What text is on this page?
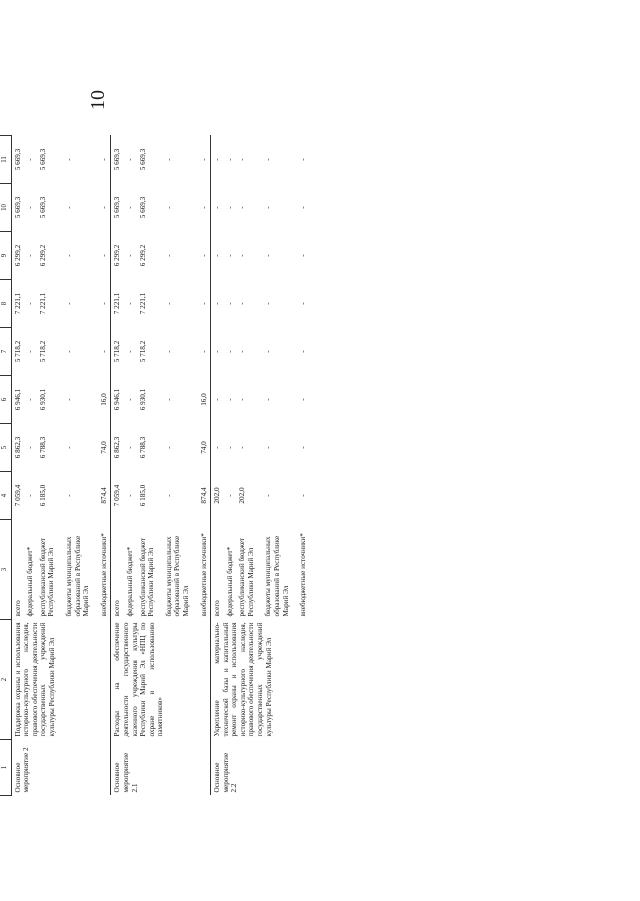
10
1	2	3	4	5	6	7	8	9	10	11
Основное мероприятие 2	Поддержка охраны и использования историко-культурного наследия, правового обеспечения деятельности государственных учреждений культуры Республики Марий Эл	всего	7 059,4	6 862,3	6 946,1	5 718,2	7 221,1	6 299,2	5 669,3	5 669,3
		федеральный бюджет*	-	-	-	-	-	-	-	-
		республиканский бюджет Республики Марий Эл	6 185,0	6 788,3	6 930,1	5 718,2	7 221,1	6 299,2	5 669,3	5 669,3
		бюджеты муниципальных образований в Республике Марий Эл	-	-	-	-	-	-	-	-
		внебюджетные источники*	874,4	74,0	16,0	-	-	-	-	-
Основное мероприятие 2.1	Расходы на обеспечение деятельности государственного казенного учреждения культуры Республики Марий Эл «НПЦ по охране и использованию памятников»	всего	7 059,4	6 862,3	6 946,1	5 718,2	7 221,1	6 299,2	5 669,3	5 669,3
		федеральный бюджет*	-	-	-	-	-	-	-	-
		республиканский бюджет Республики Марий Эл	6 185,0	6 788,3	6 930,1	5 718,2	7 221,1	6 299,2	5 669,3	5 669,3
		бюджеты муниципальных образований в Республике Марий Эл	-	-	-	-	-	-	-	-
		внебюджетные источники*	874,4	74,0	16,0	-	-	-	-	-
Основное мероприятие 2.2	Укрепление материально-технической базы и капитальный ремонт охраны и использования историко-культурного наследия, правового обеспечения деятельности государственных учреждений культуры Республики Марий Эл	всего	202,0	-	-	-	-	-	-	-
		федеральный бюджет*	-	-	-	-	-	-	-	-
		республиканский бюджет Республики Марий Эл	202,0	-	-	-	-	-	-	-
		бюджеты муниципальных образований в Республике Марий Эл	-	-	-	-	-	-	-	-
		внебюджетные источники*	-	-	-	-	-	-	-	-
